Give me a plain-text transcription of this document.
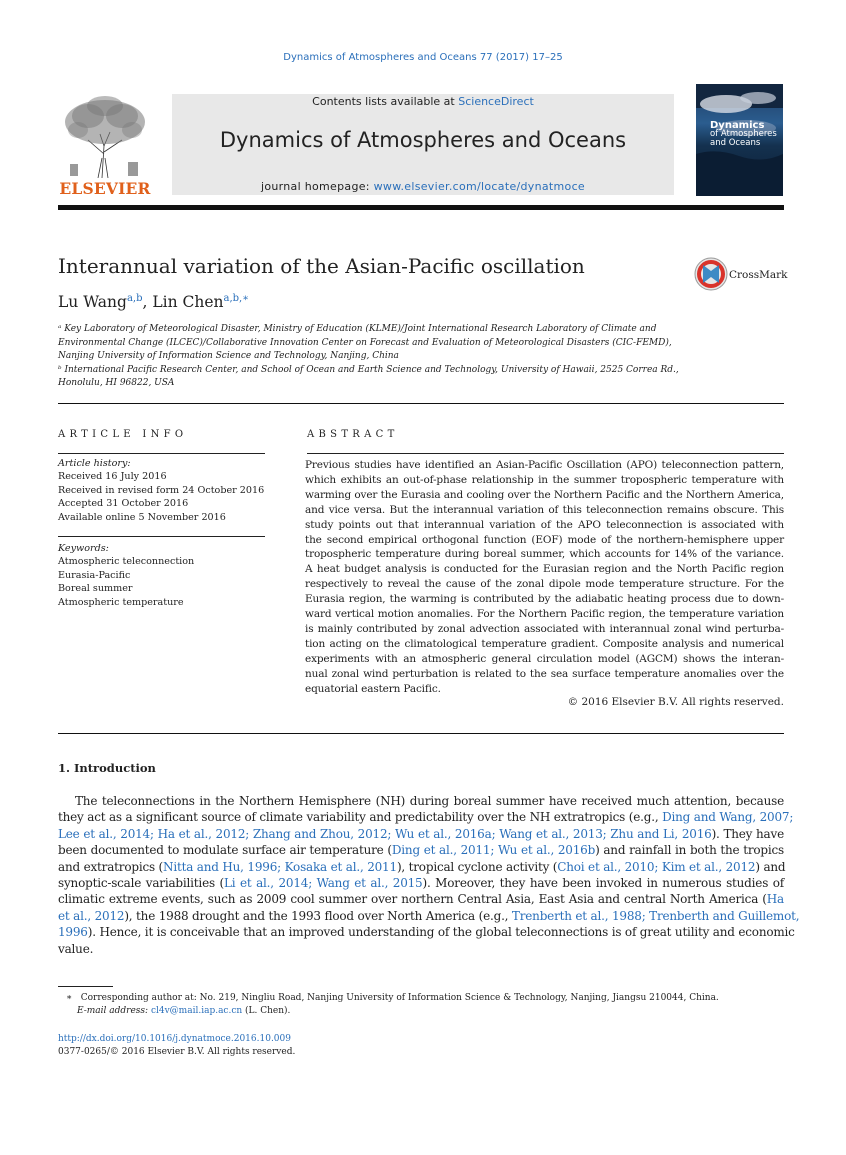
Dynamics of Atmospheres and Oceans 77 (2017) 17–25
ELSEVIER
Contents lists available at ScienceDirect
Dynamics of Atmospheres and Oceans
journal homepage: www.elsevier.com/locate/dynatmoce
Dynamics
of Atmospheres
and Oceans
Interannual variation of the Asian-Pacific oscillation	CrossMark
Lu Wang$^{a,b}$, Lin Chen$^{a,b,∗}$
ᵃ Key Laboratory of Meteorological Disaster, Ministry of Education (KLME)/Joint International Research Laboratory of Climate and
Environmental Change (ILCEC)/Collaborative Innovation Center on Forecast and Evaluation of Meteorological Disasters (CIC-FEMD),
Nanjing University of Information Science and Technology, Nanjing, China
ᵇ International Pacific Research Center, and School of Ocean and Earth Science and Technology, University of Hawaii, 2525 Correa Rd.,
Honolulu, HI 96822, USA
ARTICLE INFO	ABSTRACT
Article history:
Received 16 July 2016
Received in revised form 24 October 2016
Accepted 31 October 2016
Available online 5 November 2016
Keywords:
Atmospheric teleconnection
Eurasia-Pacific
Boreal summer
Atmospheric temperature
Previous studies have identified an Asian-Pacific Oscillation (APO) teleconnection pattern,
which exhibits an out-of-phase relationship in the summer tropospheric temperature with
warming over the Eurasia and cooling over the Northern Pacific and the Northern America,
and vice versa. But the interannual variation of this teleconnection remains obscure. This
study points out that interannual variation of the APO teleconnection is associated with
the second empirical orthogonal function (EOF) mode of the northern-hemisphere upper
tropospheric temperature during boreal summer, which accounts for 14% of the variance.
A heat budget analysis is conducted for the Eurasian region and the North Pacific region
respectively to reveal the cause of the zonal dipole mode temperature structure. For the
Eurasia region, the warming is contributed by the adiabatic heating process due to down-
ward vertical motion anomalies. For the Northern Pacific region, the temperature variation
is mainly contributed by zonal advection associated with interannual zonal wind perturba-
tion acting on the climatological temperature gradient. Composite analysis and numerical
experiments with an atmospheric general circulation model (AGCM) shows the interan-
nual zonal wind perturbation is related to the sea surface temperature anomalies over the
equatorial eastern Pacific.
© 2016 Elsevier B.V. All rights reserved.
1. Introduction
The teleconnections in the Northern Hemisphere (NH) during boreal summer have received much attention, because
they act as a significant source of climate variability and predictability over the NH extratropics (e.g., Ding and Wang, 2007;
Lee et al., 2014; Ha et al., 2012; Zhang and Zhou, 2012; Wu et al., 2016a; Wang et al., 2013; Zhu and Li, 2016). They have
been documented to modulate surface air temperature (Ding et al., 2011; Wu et al., 2016b) and rainfall in both the tropics
and extratropics (Nitta and Hu, 1996; Kosaka et al., 2011), tropical cyclone activity (Choi et al., 2010; Kim et al., 2012) and
synoptic-scale variabilities (Li et al., 2014; Wang et al., 2015). Moreover, they have been invoked in numerous studies of
climatic extreme events, such as 2009 cool summer over northern Central Asia, East Asia and central North America (Ha
et al., 2012), the 1988 drought and the 1993 flood over North America (e.g., Trenberth et al., 1988; Trenberth and Guillemot,
1996). Hence, it is conceivable that an improved understanding of the global teleconnections is of great utility and economic
value.
∗ Corresponding author at: No. 219, Ningliu Road, Nanjing University of Information Science & Technology, Nanjing, Jiangsu 210044, China.
E-mail address: cl4v@mail.iap.ac.cn (L. Chen).
http://dx.doi.org/10.1016/j.dynatmoce.2016.10.009
0377-0265/© 2016 Elsevier B.V. All rights reserved.
